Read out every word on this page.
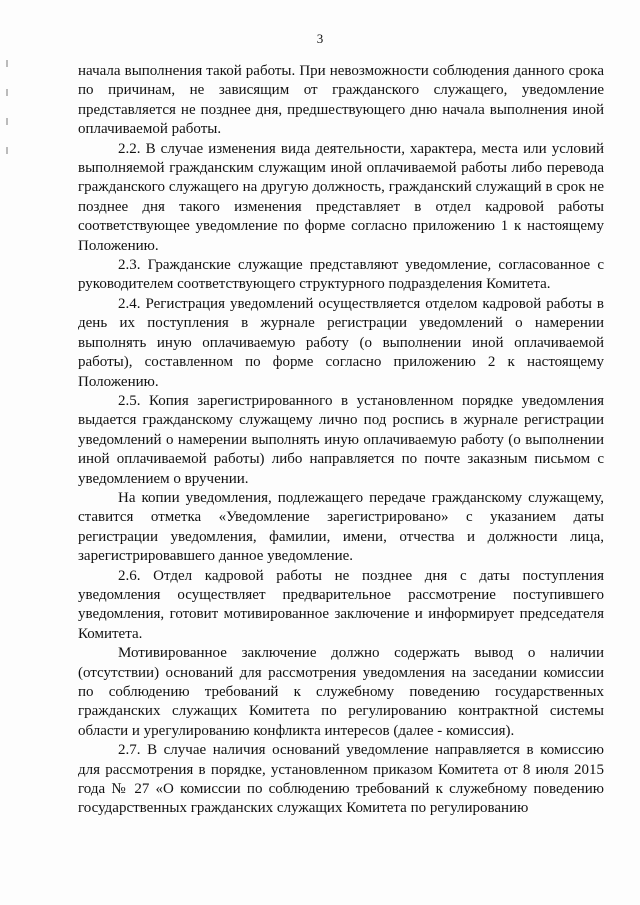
3

начала выполнения такой работы. При невозможности соблюдения данного срока по причинам, не зависящим от гражданского служащего, уведомление представляется не позднее дня, предшествующего дню начала выполнения иной оплачиваемой работы.

2.2. В случае изменения вида деятельности, характера, места или условий выполняемой гражданским служащим иной оплачиваемой работы либо перевода гражданского служащего на другую должность, гражданский служащий в срок не позднее дня такого изменения представляет в отдел кадровой работы соответствующее уведомление по форме согласно приложению 1 к настоящему Положению.

2.3. Гражданские служащие представляют уведомление, согласованное с руководителем соответствующего структурного подразделения Комитета.

2.4. Регистрация уведомлений осуществляется отделом кадровой работы в день их поступления в журнале регистрации уведомлений о намерении выполнять иную оплачиваемую работу (о выполнении иной оплачиваемой работы), составленном по форме согласно приложению 2 к настоящему Положению.

2.5. Копия зарегистрированного в установленном порядке уведомления выдается гражданскому служащему лично под роспись в журнале регистрации уведомлений о намерении выполнять иную оплачиваемую работу (о выполнении иной оплачиваемой работы) либо направляется по почте заказным письмом с уведомлением о вручении.

На копии уведомления, подлежащего передаче гражданскому служащему, ставится отметка «Уведомление зарегистрировано» с указанием даты регистрации уведомления, фамилии, имени, отчества и должности лица, зарегистрировавшего данное уведомление.

2.6. Отдел кадровой работы не позднее дня с даты поступления уведомления осуществляет предварительное рассмотрение поступившего уведомления, готовит мотивированное заключение и информирует председателя Комитета.

Мотивированное заключение должно содержать вывод о наличии (отсутствии) оснований для рассмотрения уведомления на заседании комиссии по соблюдению требований к служебному поведению государственных гражданских служащих Комитета по регулированию контрактной системы области и урегулированию конфликта интересов (далее - комиссия).

2.7. В случае наличия оснований уведомление направляется в комиссию для рассмотрения в порядке, установленном приказом Комитета от 8 июля 2015 года № 27 «О комиссии по соблюдению требований к служебному поведению государственных гражданских служащих Комитета по регулированию
